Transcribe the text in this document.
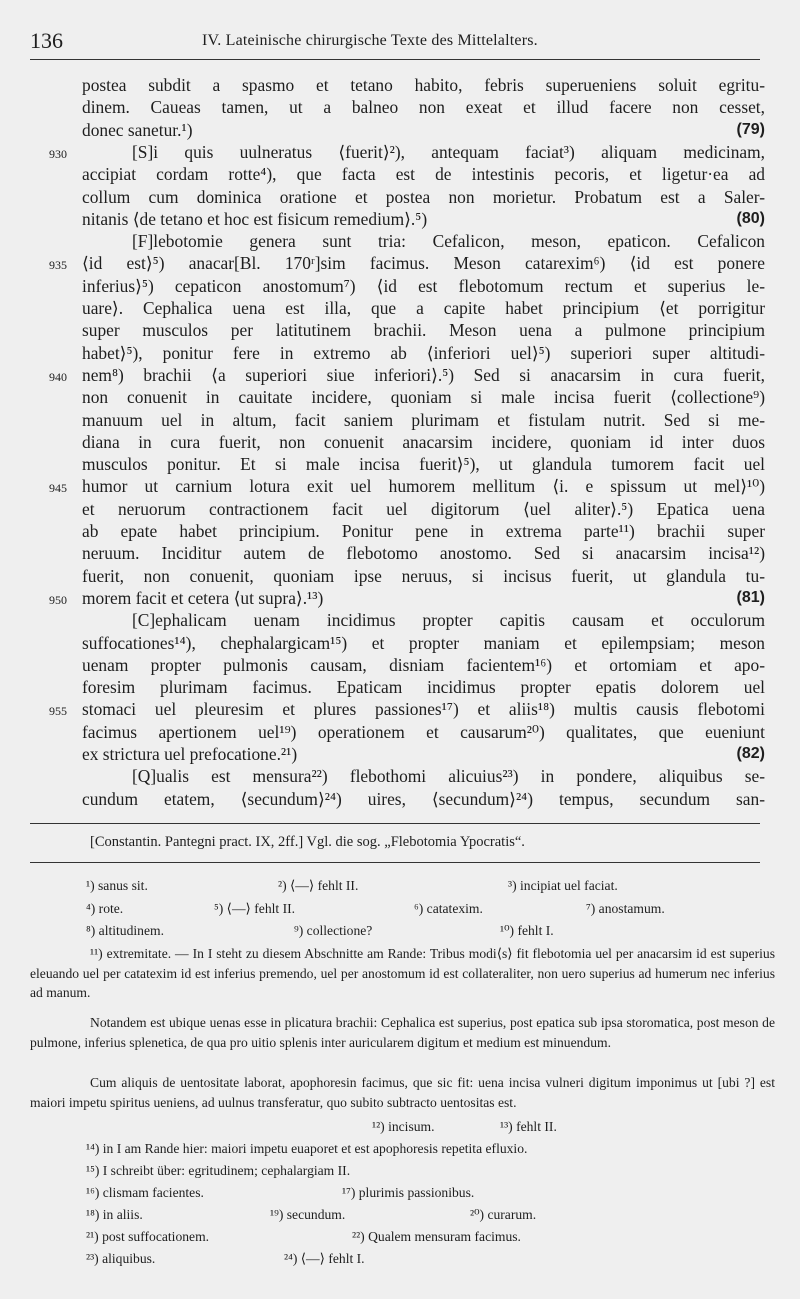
136	IV. Lateinische chirurgische Texte des Mittelalters.
postea subdit a spasmo et tetano habito, febris superueniens soluit egritu-
dinem. Caueas tamen, ut a balneo non exeat et illud facere non cesset,
donec sanetur.¹)	(79)
930	[S]i quis uulneratus ⟨fuerit⟩²), antequam faciat³) aliquam medicinam,
accipiat cordam rotte⁴), que facta est de intestinis pecoris, et ligetur·ea ad
collum cum dominica oratione et postea non morietur. Probatum est a Saler-
nitanis ⟨de tetano et hoc est fisicum remedium⟩.⁵)	(80)
[F]lebotomie genera sunt tria: Cefalicon, meson, epaticon. Cefalicon
935 ⟨id est⟩⁵) anacar[Bl. 170ʳ]sim facimus. Meson catarexim⁶) ⟨id est ponere
inferius⟩⁵) cepaticon anostomum⁷) ⟨id est flebotomum rectum et superius le-
uare⟩. Cephalica uena est illa, que a capite habet principium ⟨et porrigitur
super musculos per latitutinem brachii. Meson uena a pulmone principium
habet⟩⁵), ponitur fere in extremo ab ⟨inferiori uel⟩⁵) superiori super altitudi-
940 nem⁸) brachii ⟨a superiori siue inferiori⟩.⁵) Sed si anacarsim in cura fuerit,
non conuenit in cauitate incidere, quoniam si male incisa fuerit ⟨collectione⁹)
manuum uel in altum, facit saniem plurimam et fistulam nutrit. Sed si me-
diana in cura fuerit, non conuenit anacarsim incidere, quoniam id inter duos
musculos ponitur. Et si male incisa fuerit⟩⁵), ut glandula tumorem facit uel
945 humor ut carnium lotura exit uel humorem mellitum ⟨i. e spissum ut mel⟩¹⁰)
et neruorum contractionem facit uel digitorum ⟨uel aliter⟩.⁵) Epatica uena
ab epate habet principium. Ponitur pene in extrema parte¹¹) brachii super
neruum. Inciditur autem de flebotomo anostomo. Sed si anacarsim incisa¹²)
fuerit, non conuenit, quoniam ipse neruus, si incisus fuerit, ut glandula tu-
950 morem facit et cetera ⟨ut supra⟩.¹³)	(81)
[C]ephalicam uenam incidimus propter capitis causam et occulorum
suffocationes¹⁴), chephalargicam¹⁵) et propter maniam et epilempsiam; meson
uenam propter pulmonis causam, disniam facientem¹⁶) et ortomiam et apo-
foresim plurimam facimus. Epaticam incidimus propter epatis dolorem uel
955 stomaci uel pleuresim et plures passiones¹⁷) et aliis¹⁸) multis causis flebotomi
facimus apertionem uel¹⁹) operationem et causarum²⁰) qualitates, que eueniunt
ex strictura uel prefocatione.²¹)	(82)
[Q]ualis est mensura²²) flebothomi alicuius²³) in pondere, aliquibus se-
cundum etatem, ⟨secundum⟩²⁴) uires, ⟨secundum⟩²⁴) tempus, secundum san-
[Constantin. Pantegni pract. IX, 2ff.] Vgl. die sog. „Flebotomia Ypocratis“.
¹) sanus sit.	²) ⟨—⟩ fehlt II.	³) incipiat uel faciat.
⁴) rote.	⁵) ⟨—⟩ fehlt II.	⁶) catatexim.	⁷) anostamum.
⁸) altitudinem.	⁹) collectione?	¹⁰) fehlt I.
¹¹) extremitate. — In I steht zu diesem Abschnitte am Rande: Tribus modi⟨s⟩ fit flebotomia uel per anacarsim id est superius eleuando uel per catatexim id est inferius premendo, uel per anostomum id est collateraliter, non uero superius ad humerum nec inferius ad manum.
Notandem est ubique uenas esse in plicatura brachii: Cephalica est superius, post epatica sub ipsa storomatica, post meson de pulmone, inferius splenetica, de qua pro uitio splenis inter auricularem digitum et medium est minuendum.
Cum aliquis de uentositate laborat, apophoresin facimus, que sic fit: uena incisa vulneri digitum imponimus ut [ubi ?] est maiori impetu spiritus ueniens, ad uulnus transferatur, quo subito subtracto uentositas est.
¹²) incisum.	¹³) fehlt II.
¹⁴) in I am Rande hier: maiori impetu euaporet et est apophoresis repetita efluxio.
¹⁵) I schreibt über: egritudinem; cephalargiam II.
¹⁶) clismam facientes.	¹⁷) plurimis passionibus.
¹⁸) in aliis.	¹⁹) secundum.	²⁰) curarum.
²¹) post suffocationem.	²²) Qualem mensuram facimus.
²³) aliquibus.	²⁴) ⟨—⟩ fehlt I.
